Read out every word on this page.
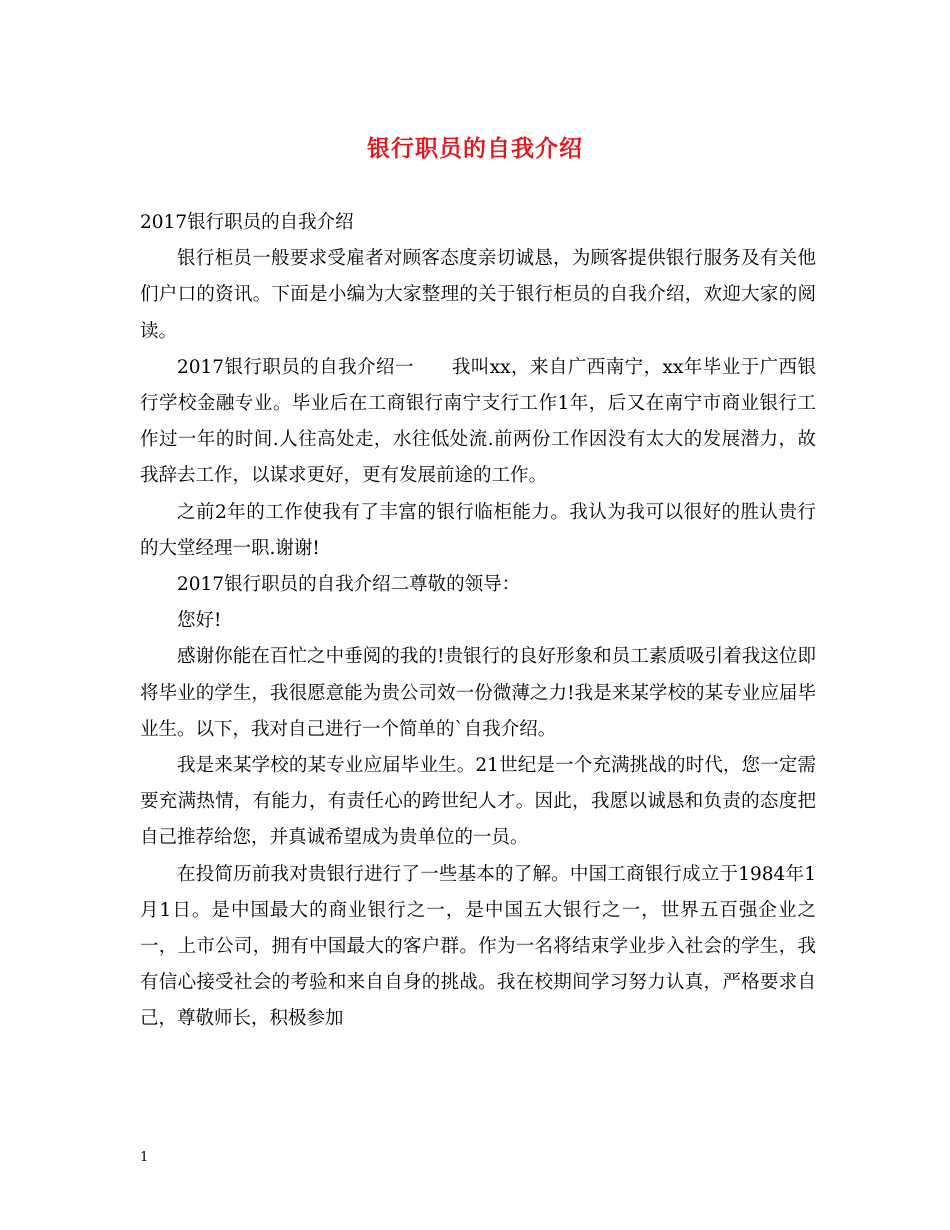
银行职员的自我介绍

2017银行职员的自我介绍

银行柜员一般要求受雇者对顾客态度亲切诚恳，为顾客提供银行服务及有关他们户口的资讯。下面是小编为大家整理的关于银行柜员的自我介绍，欢迎大家的阅读。

2017银行职员的自我介绍一　　我叫xx，来自广西南宁，xx年毕业于广西银行学校金融专业。毕业后在工商银行南宁支行工作1年，后又在南宁市商业银行工作过一年的时间.人往高处走，水往低处流.前两份工作因没有太大的发展潜力，故我辞去工作，以谋求更好，更有发展前途的工作。

之前2年的工作使我有了丰富的银行临柜能力。我认为我可以很好的胜认贵行的大堂经理一职.谢谢!

2017银行职员的自我介绍二尊敬的领导：

您好!

感谢你能在百忙之中垂阅的我的!贵银行的良好形象和员工素质吸引着我这位即将毕业的学生，我很愿意能为贵公司效一份微薄之力!我是来某学校的某专业应届毕业生。以下，我对自己进行一个简单的`自我介绍。

我是来某学校的某专业应届毕业生。21世纪是一个充满挑战的时代，您一定需要充满热情，有能力，有责任心的跨世纪人才。因此，我愿以诚恳和负责的态度把自己推荐给您，并真诚希望成为贵单位的一员。

在投简历前我对贵银行进行了一些基本的了解。中国工商银行成立于1984年1月1日。是中国最大的商业银行之一，是中国五大银行之一，世界五百强企业之一，上市公司，拥有中国最大的客户群。作为一名将结束学业步入社会的学生，我有信心接受社会的考验和来自自身的挑战。我在校期间学习努力认真，严格要求自己，尊敬师长，积极参加

1
